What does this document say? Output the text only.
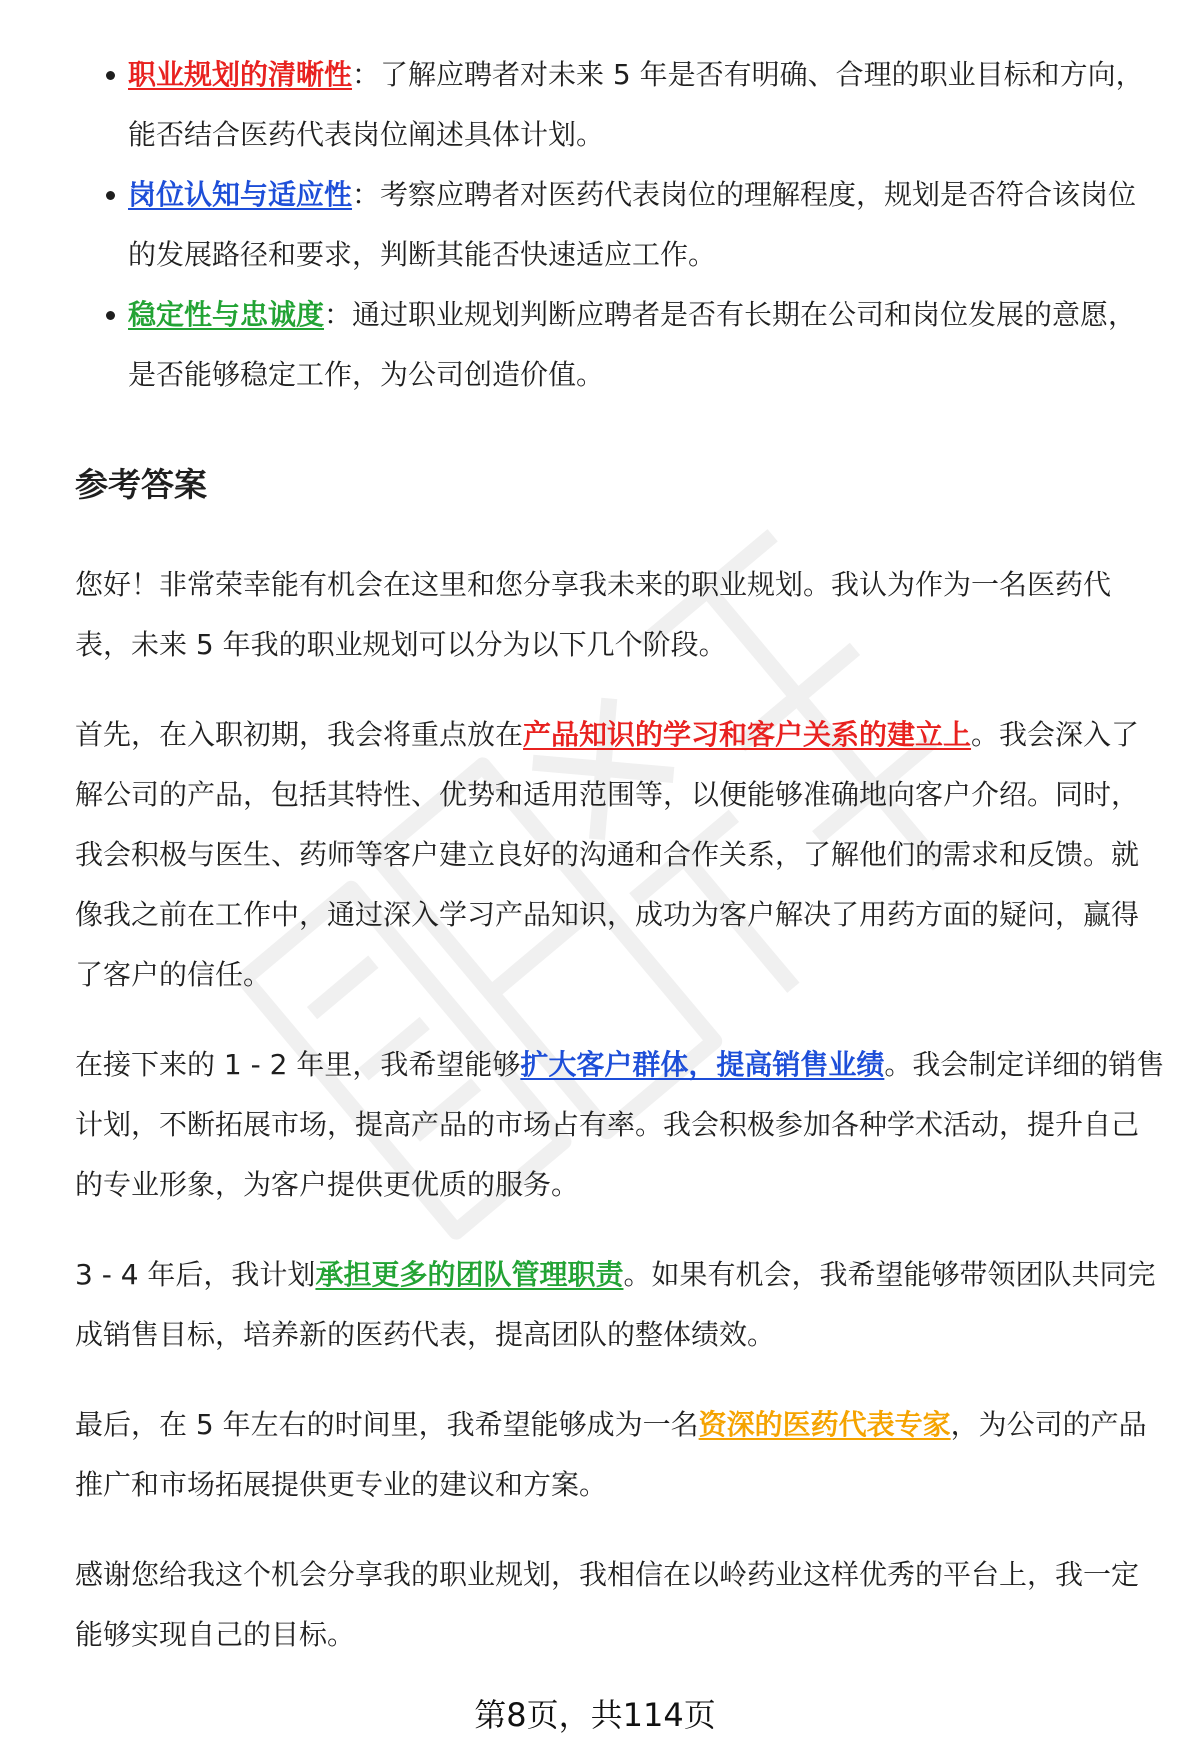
职业规划的清晰性：了解应聘者对未来 5 年是否有明确、合理的职业目标和方向，能否结合医药代表岗位阐述具体计划。
岗位认知与适应性：考察应聘者对医药代表岗位的理解程度，规划是否符合该岗位的发展路径和要求，判断其能否快速适应工作。
稳定性与忠诚度：通过职业规划判断应聘者是否有长期在公司和岗位发展的意愿，是否能够稳定工作，为公司创造价值。
参考答案

您好！非常荣幸能有机会在这里和您分享我未来的职业规划。我认为作为一名医药代表，未来 5 年我的职业规划可以分为以下几个阶段。

首先，在入职初期，我会将重点放在产品知识的学习和客户关系的建立上。我会深入了解公司的产品，包括其特性、优势和适用范围等，以便能够准确地向客户介绍。同时，我会积极与医生、药师等客户建立良好的沟通和合作关系，了解他们的需求和反馈。就像我之前在工作中，通过深入学习产品知识，成功为客户解决了用药方面的疑问，赢得了客户的信任。

在接下来的 1 - 2 年里，我希望能够扩大客户群体，提高销售业绩。我会制定详细的销售计划，不断拓展市场，提高产品的市场占有率。我会积极参加各种学术活动，提升自己的专业形象，为客户提供更优质的服务。

3 - 4 年后，我计划承担更多的团队管理职责。如果有机会，我希望能够带领团队共同完成销售目标，培养新的医药代表，提高团队的整体绩效。

最后，在 5 年左右的时间里，我希望能够成为一名资深的医药代表专家，为公司的产品推广和市场拓展提供更专业的建议和方案。

感谢您给我这个机会分享我的职业规划，我相信在以岭药业这样优秀的平台上，我一定能够实现自己的目标。

第8页，共114页
